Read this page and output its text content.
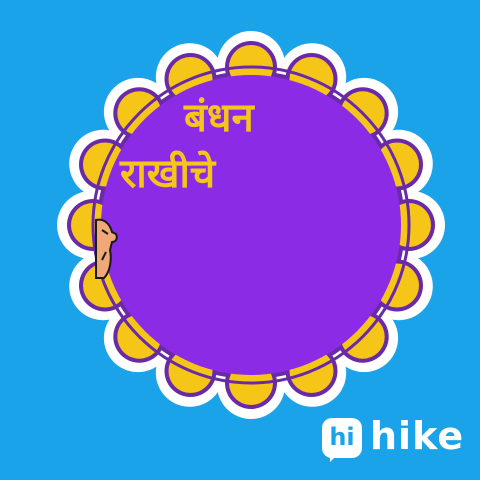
बंधन
राखीचे
hi hike
